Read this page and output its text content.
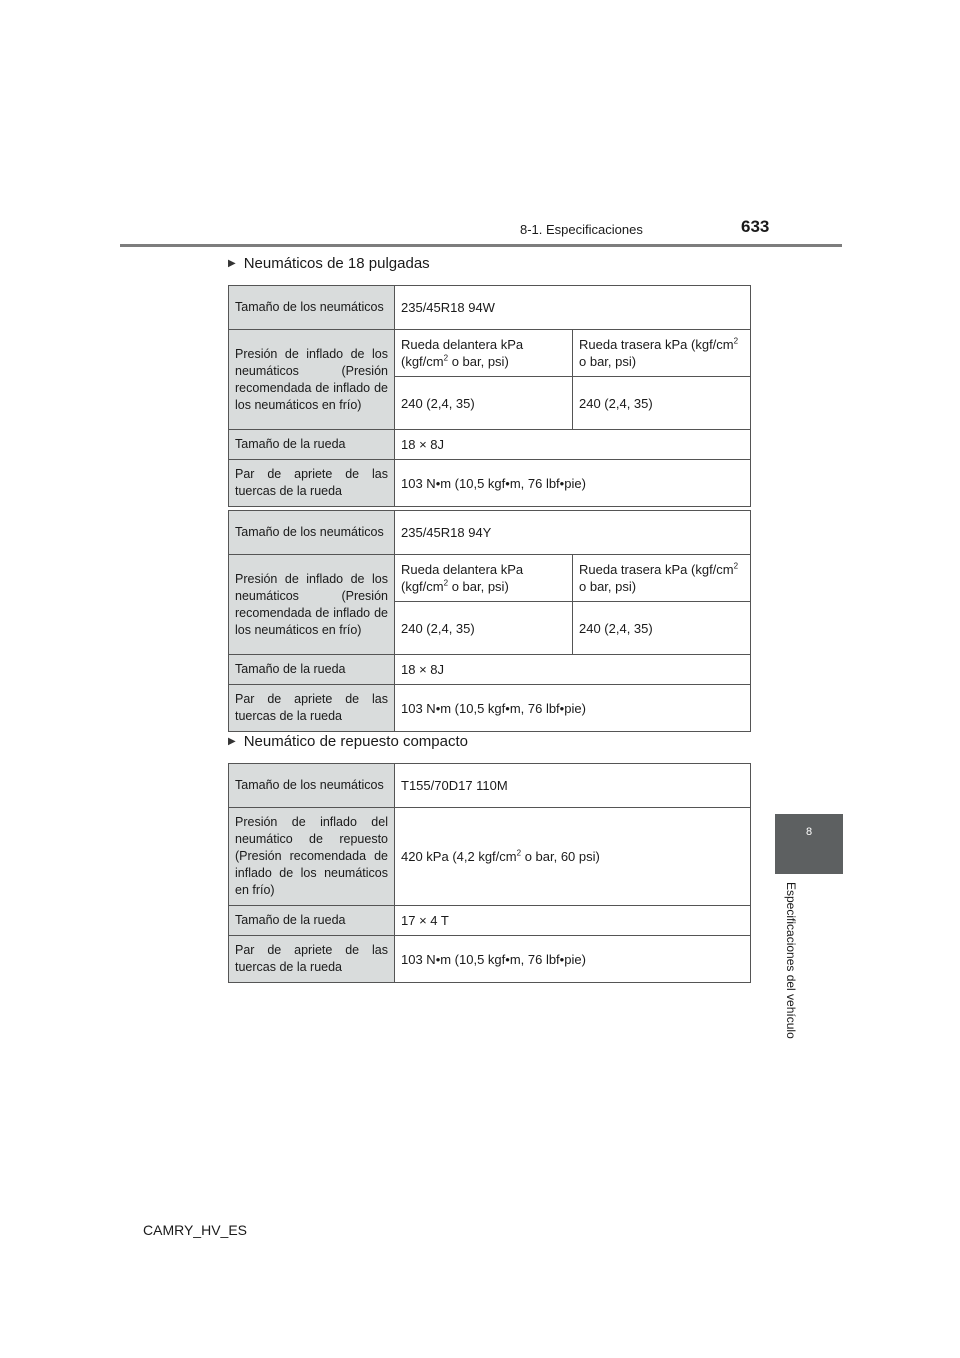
8-1. Especificaciones	633
8
Especificaciones del vehículo
▶ Neumáticos de 18 pulgadas
Tamaño de los neumáticos	235/45R18 94W	
Presión de inflado de los neumáticos (Presión recomendada de inflado de los neumáticos en frío)	Rueda delantera kPa ($kgf/cm^2$ o bar, psi)	Rueda trasera kPa ($kgf/cm^2$ o bar, psi)
	240 (2,4, 35)	240 (2,4, 35)
Tamaño de la rueda	18 × 8J	
Par de apriete de las tuercas de la rueda	103 N•m (10,5 kgf•m, 76 lbf•pie)	
Tamaño de los neumáticos	235/45R18 94Y	
Presión de inflado de los neumáticos (Presión recomendada de inflado de los neumáticos en frío)	Rueda delantera kPa ($kgf/cm^2$ o bar, psi)	Rueda trasera kPa ($kgf/cm^2$ o bar, psi)
	240 (2,4, 35)	240 (2,4, 35)
Tamaño de la rueda	18 × 8J	
Par de apriete de las tuercas de la rueda	103 N•m (10,5 kgf•m, 76 lbf•pie)	
▶ Neumático de repuesto compacto
Tamaño de los neumáticos	T155/70D17 110M
Presión de inflado del neumático de repuesto (Presión recomendada de inflado de los neumáticos en frío)	420 kPa (4,2 kgf/$cm^2$ o bar, 60 psi)
Tamaño de la rueda	17 × 4 T
Par de apriete de las tuercas de la rueda	103 N•m (10,5 kgf•m, 76 lbf•pie)
CAMRY_HV_ES
